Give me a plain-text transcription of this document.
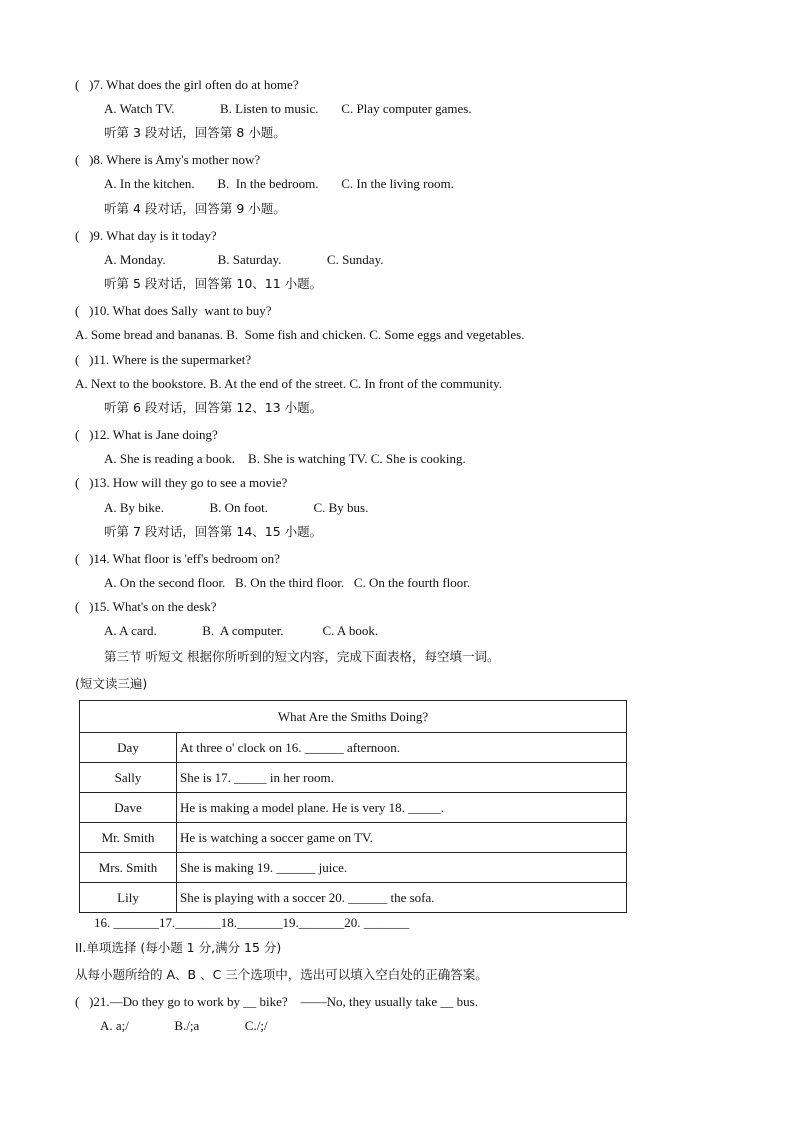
(   )7. What does the girl often do at home?
A. Watch TV.              B. Listen to music.       C. Play computer games.
听第 3 段对话，回答第 8 小题。
(   )8. Where is Amy's mother now?
A. In the kitchen.       B.  In the bedroom.       C. In the living room.
听第 4 段对话，回答第 9 小题。
(   )9. What day is it today?
A. Monday.                B. Saturday.              C. Sunday.
听第 5 段对话，回答第 10、11 小题。
(   )10. What does Sally  want to buy?
A. Some bread and bananas. B.  Some fish and chicken. C. Some eggs and vegetables.
(   )11. Where is the supermarket?
A. Next to the bookstore. B. At the end of the street. C. In front of the community.
听第 6 段对话，回答第 12、13 小题。
(   )12. What is Jane doing?
A. She is reading a book.    B. She is watching TV. C. She is cooking.
(   )13. How will they go to see a movie?
A. By bike.              B. On foot.              C. By bus.
听第 7 段对话，回答第 14、15 小题。
(   )14. What floor is 'eff's bedroom on?
A. On the second floor.   B. On the third floor.   C. On the fourth floor.
(   )15. What's on the desk?
A. A card.              B.  A computer.            C. A book.
第三节 听短文 根据你所听到的短文内容，完成下面表格，每空填一词。
(短文读三遍)
What Are the Smiths Doing?	
Day	At three o' clock on 16. ______ afternoon.
Sally	She is 17. _____ in her room.
Dave	He is making a model plane. He is very 18. _____.
Mr. Smith	He is watching a soccer game on TV.
Mrs. Smith	She is making 19. ______ juice.
Lily	She is playing with a soccer 20. ______ the sofa.
16. _______17._______18._______19._______20. _______
II.单项选择 (每小题 1 分,满分 15 分)
从每小题所给的 A、B 、C 三个选项中，选出可以填入空白处的正确答案。
(   )21.—Do they go to work by __ bike?    ——No, they usually take __ bus.
A. a;/              B./;a              C./;/
